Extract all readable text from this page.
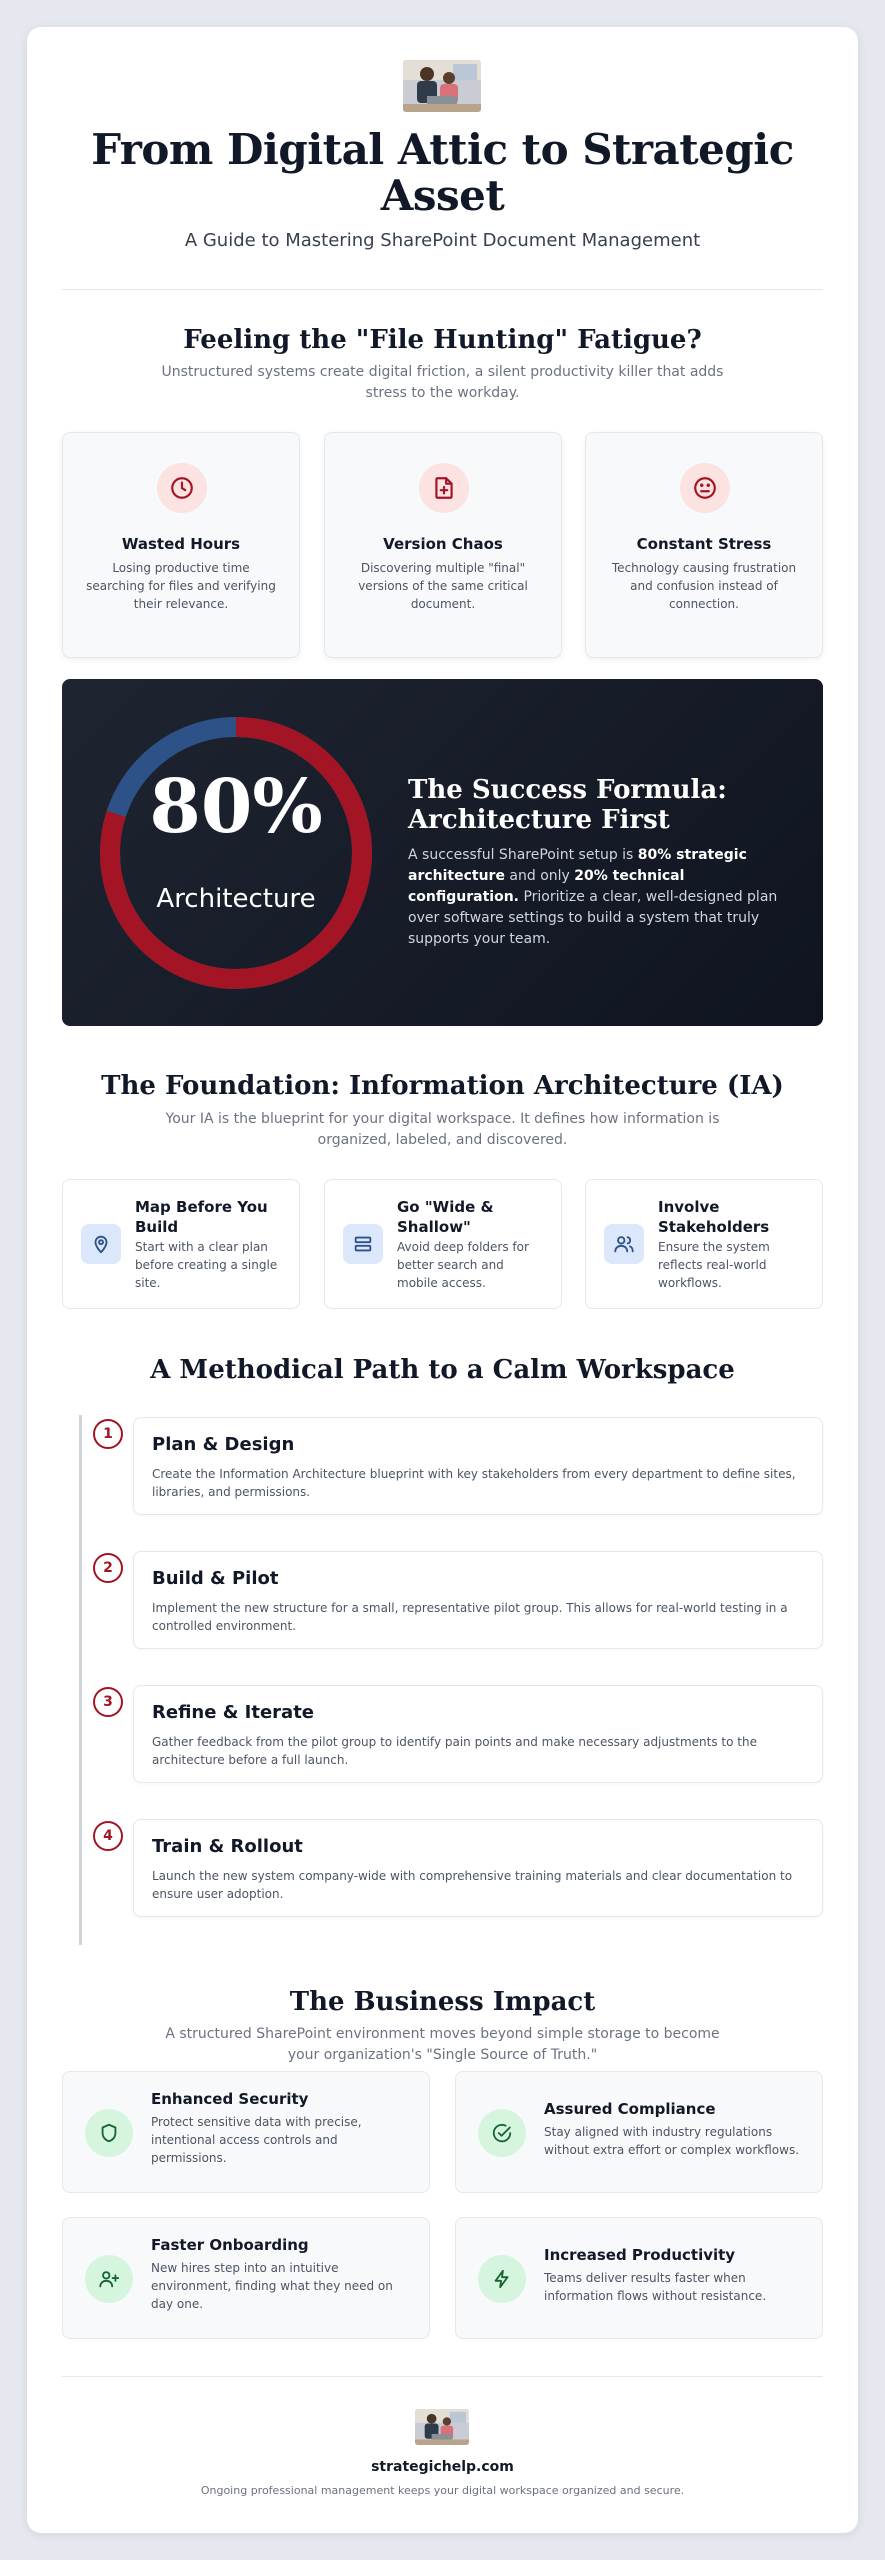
From Digital Attic to Strategic Asset
A Guide to Mastering SharePoint Document Management
Feeling the "File Hunting" Fatigue?
Unstructured systems create digital friction, a silent productivity killer that adds stress to the workday.
Wasted Hours

Losing productive time searching for files and verifying their relevance.

Version Chaos

Discovering multiple "final" versions of the same critical document.

Constant Stress

Technology causing frustration and confusion instead of connection.

80%
Architecture
The Success Formula: Architecture First
A successful SharePoint setup is 80% strategic architecture and only 20% technical configuration. Prioritize a clear, well-designed plan over software settings to build a system that truly supports your team.
The Foundation: Information Architecture (IA)
Your IA is the blueprint for your digital workspace. It defines how information is organized, labeled, and discovered.
Map Before You Build

Start with a clear plan before creating a single site.

Go "Wide & Shallow"

Avoid deep folders for better search and mobile access.

Involve Stakeholders

Ensure the system reflects real-world workflows.

A Methodical Path to a Calm Workspace
1	Plan & Design

Create the Information Architecture blueprint with key stakeholders from every department to define sites, libraries, and permissions.

2	Build & Pilot

Implement the new structure for a small, representative pilot group. This allows for real-world testing in a controlled environment.

3	Refine & Iterate

Gather feedback from the pilot group to identify pain points and make necessary adjustments to the architecture before a full launch.

4	Train & Rollout

Launch the new system company-wide with comprehensive training materials and clear documentation to ensure user adoption.

The Business Impact
A structured SharePoint environment moves beyond simple storage to become your organization's "Single Source of Truth."
Enhanced Security

Protect sensitive data with precise, intentional access controls and permissions.

Assured Compliance

Stay aligned with industry regulations without extra effort or complex workflows.

Faster Onboarding

New hires step into an intuitive environment, finding what they need on day one.

Increased Productivity

Teams deliver results faster when information flows without resistance.

strategichelp.com
Ongoing professional management keeps your digital workspace organized and secure.
